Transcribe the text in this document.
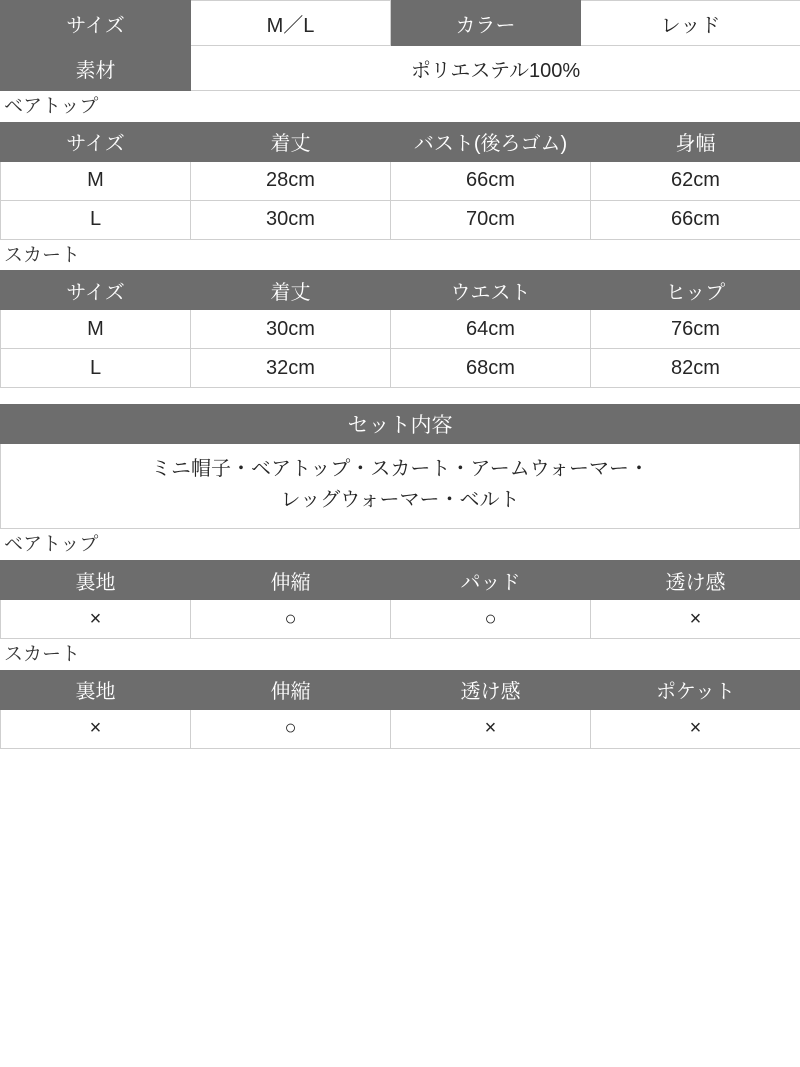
サイズ	M／L	カラー	レッド
素材	ポリエステル100%		
ベアトップ
サイズ	着丈	バスト(後ろゴム)	身幅
M	28cm	66cm	62cm
L	30cm	70cm	66cm
スカート
サイズ	着丈	ウエスト	ヒップ
M	30cm	64cm	76cm
L	32cm	68cm	82cm
セット内容

ミニ帽子・ベアトップ・スカート・アームウォーマー・
レッグウォーマー・ベルト
ベアトップ
裏地	伸縮	パッド	透け感
×	○	○	×
スカート
裏地	伸縮	透け感	ポケット
×	○	×	×
